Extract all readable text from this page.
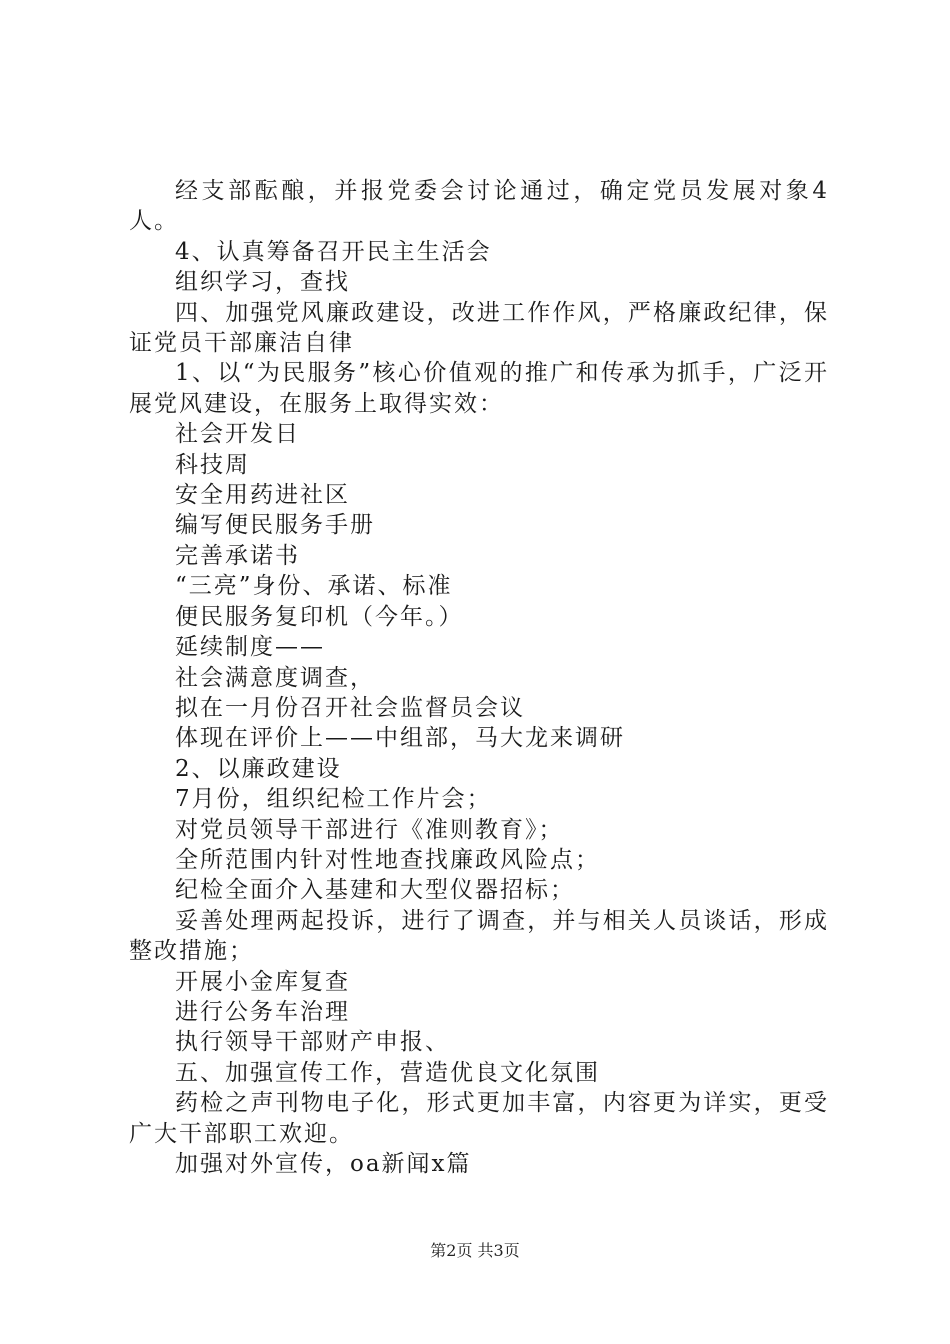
经支部酝酿，并报党委会讨论通过，确定党员发展对象4人。

4、认真筹备召开民主生活会

组织学习，查找

四、加强党风廉政建设，改进工作作风，严格廉政纪律，保证党员干部廉洁自律

1、以“为民服务”核心价值观的推广和传承为抓手，广泛开展党风建设，在服务上取得实效：

社会开发日

科技周

安全用药进社区

编写便民服务手册

完善承诺书

“三亮”身份、承诺、标准

便民服务复印机（今年。）

延续制度——

社会满意度调查，

拟在一月份召开社会监督员会议

体现在评价上——中组部，马大龙来调研

2、以廉政建设

7月份，组织纪检工作片会；

对党员领导干部进行《准则教育》；

全所范围内针对性地查找廉政风险点；

纪检全面介入基建和大型仪器招标；

妥善处理两起投诉，进行了调查，并与相关人员谈话，形成整改措施；

开展小金库复查

进行公务车治理

执行领导干部财产申报、

五、加强宣传工作，营造优良文化氛围

药检之声刊物电子化，形式更加丰富，内容更为详实，更受广大干部职工欢迎。

加强对外宣传，oa新闻x篇

第2页 共3页
